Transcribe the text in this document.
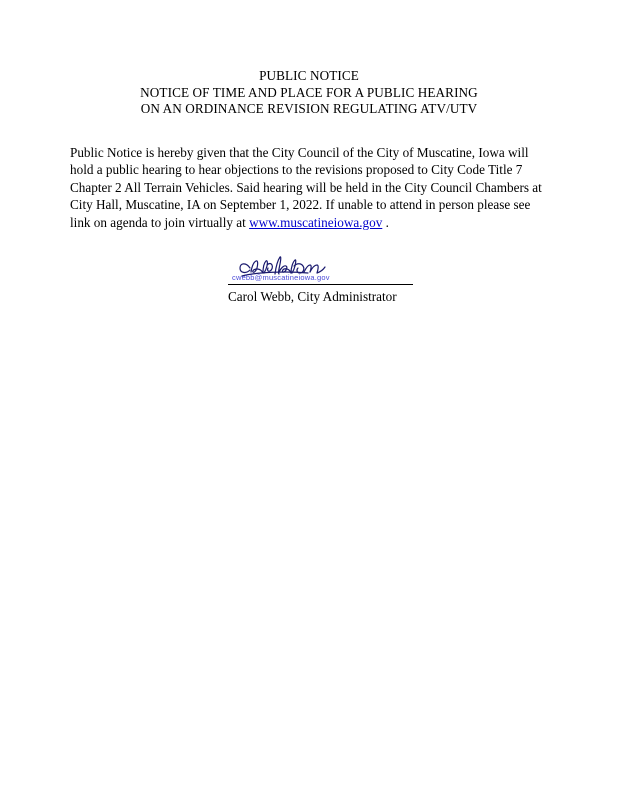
PUBLIC NOTICE
NOTICE OF TIME AND PLACE FOR A PUBLIC HEARING
ON AN ORDINANCE REVISION REGULATING ATV/UTV

Public Notice is hereby given that the City Council of the City of Muscatine, Iowa will hold a public hearing to hear objections to the revisions proposed to City Code Title 7 Chapter 2 All Terrain Vehicles. Said hearing will be held in the City Council Chambers at City Hall, Muscatine, IA on September 1, 2022. If unable to attend in person please see link on agenda to join virtually at www.muscatineiowa.gov .

cwebb@muscatineiowa.gov
Carol Webb, City Administrator
